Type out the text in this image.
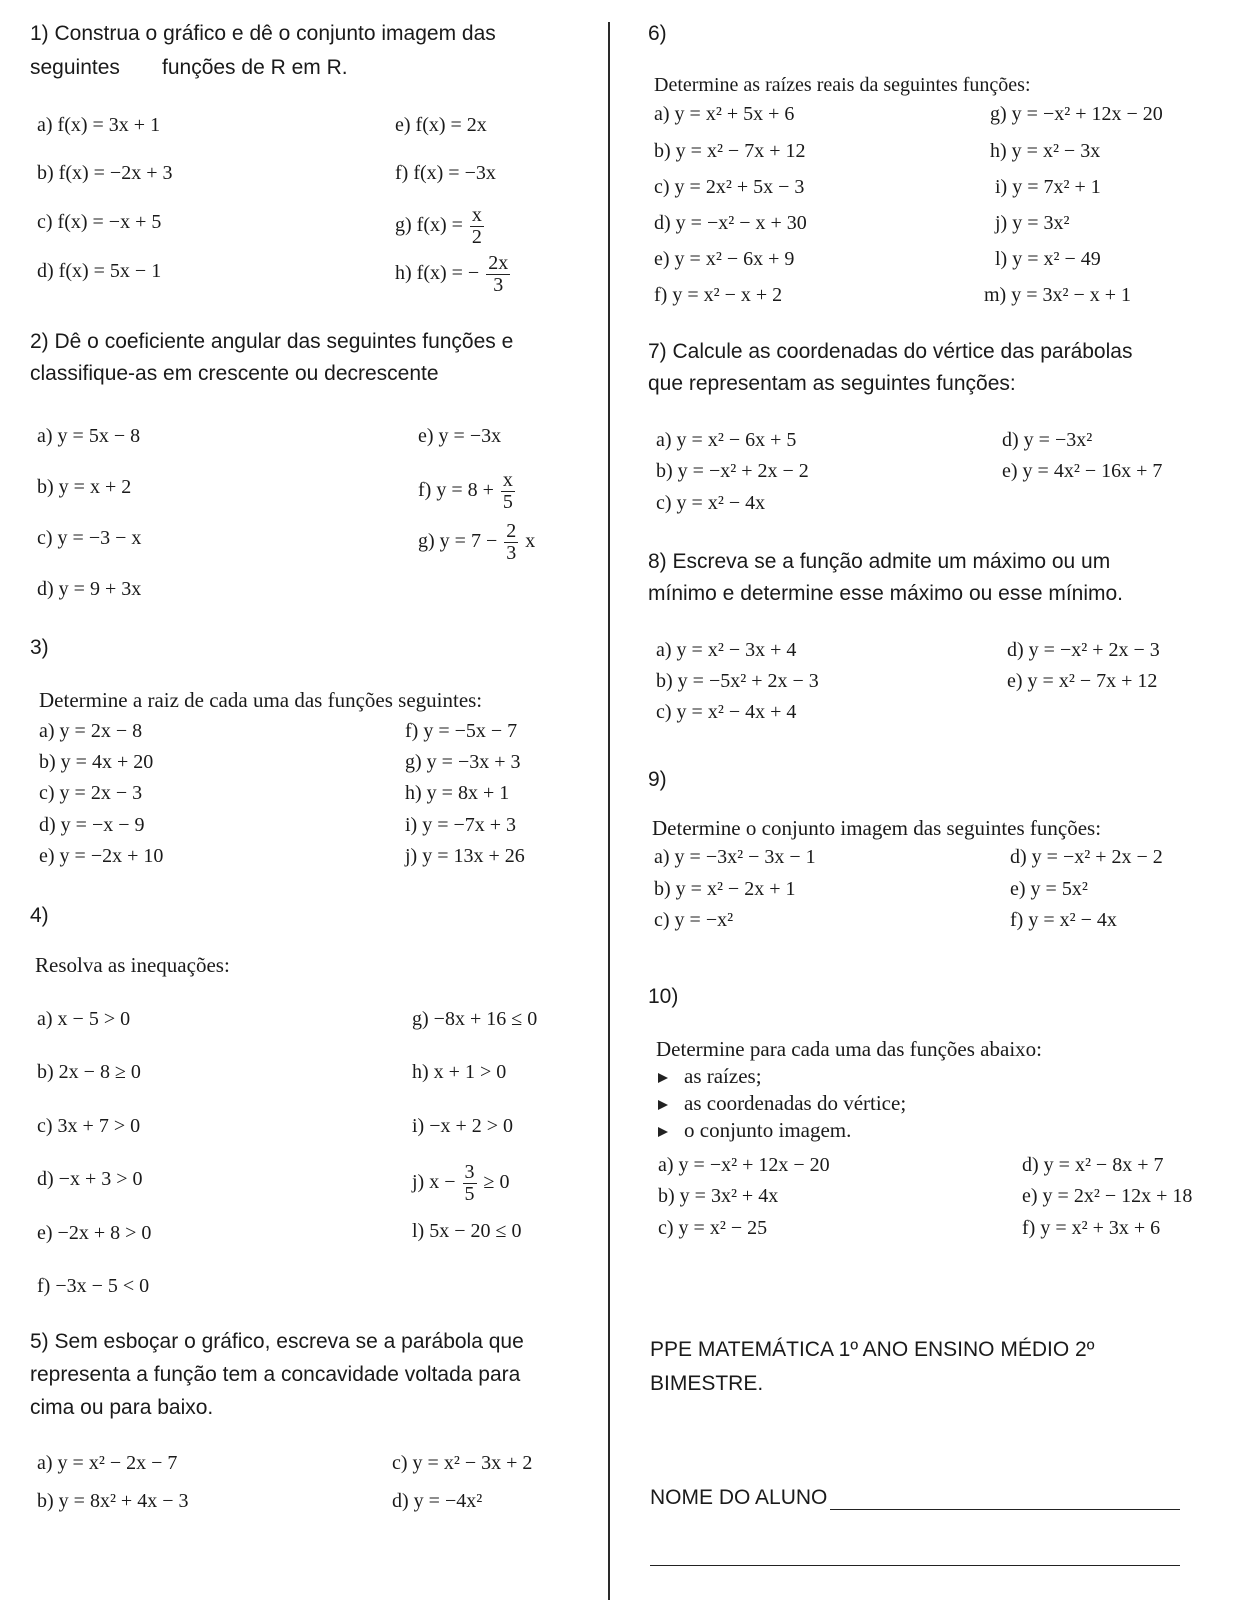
1) Construa o gráfico e dê o conjunto imagem das
seguintes funções de R em R.
a) f(x) = 3x + 1
b) f(x) = −2x + 3
c) f(x) = −x + 5
d) f(x) = 5x − 1
e) f(x) = 2x
f) f(x) = −3x
g) $f(x) = \frac{x}{2}$
h) f(x) = − $\frac{2x}{3}$
2) Dê o coeficiente angular das seguintes funções e
classifique-as em crescente ou decrescente
a) y = 5x − 8
b) y = x + 2
c) y = −3 − x
d) y = 9 + 3x
e) y = −3x
f) $y = 8 + \frac{x}{5}$
g) $y = 7 - \frac{2}{3}$ x
3)
Determine a raiz de cada uma das funções seguintes:
a) y = 2x − 8
b) y = 4x + 20
c) y = 2x − 3
d) y = −x − 9
e) y = −2x + 10
f) y = −5x − 7
g) y = −3x + 3
h) y = 8x + 1
i) y = −7x + 3
j) y = 13x + 26
4)
Resolva as inequações:
a) x − 5 > 0
b) 2x − 8 ≥ 0
c) 3x + 7 > 0
d) −x + 3 > 0
e) −2x + 8 > 0
f) −3x − 5 < 0
g) −8x + 16 ≤ 0
h) x + 1 > 0
i) −x + 2 > 0
j) $x - \frac{3}{5} \ge 0$
l) 5x − 20 ≤ 0
5) Sem esboçar o gráfico, escreva se a parábola que
representa a função tem a concavidade voltada para
cima ou para baixo.
a) y = x² − 2x − 7
b) y = 8x² + 4x − 3
c) y = x² − 3x + 2
d) y = −4x²
6)
Determine as raízes reais da seguintes funções:
a) y = x² + 5x + 6
b) y = x² − 7x + 12
c) y = 2x² + 5x − 3
d) y = −x² − x + 30
e) y = x² − 6x + 9
f) y = x² − x + 2
g) y = −x² + 12x − 20
h) y = x² − 3x
i) y = 7x² + 1
j) y = 3x²
l) y = x² − 49
m) y = 3x² − x + 1
7) Calcule as coordenadas do vértice das parábolas
que representam as seguintes funções:
a) y = x² − 6x + 5
b) y = −x² + 2x − 2
c) y = x² − 4x
d) y = −3x²
e) y = 4x² − 16x + 7
8) Escreva se a função admite um máximo ou um
mínimo e determine esse máximo ou esse mínimo.
a) y = x² − 3x + 4
b) y = −5x² + 2x − 3
c) y = x² − 4x + 4
d) y = −x² + 2x − 3
e) y = x² − 7x + 12
9)
Determine o conjunto imagem das seguintes funções:
a) y = −3x² − 3x − 1
b) y = x² − 2x + 1
c) y = −x²
d) y = −x² + 2x − 2
e) y = 5x²
f) y = x² − 4x
10)
Determine para cada uma das funções abaixo:
as raízes;
as coordenadas do vértice;
o conjunto imagem.
a) y = −x² + 12x − 20
b) y = 3x² + 4x
c) y = x² − 25
d) y = x² − 8x + 7
e) y = 2x² − 12x + 18
f) y = x² + 3x + 6
PPE MATEMÁTICA 1º ANO ENSINO MÉDIO 2º
BIMESTRE.
NOME DO ALUNO
